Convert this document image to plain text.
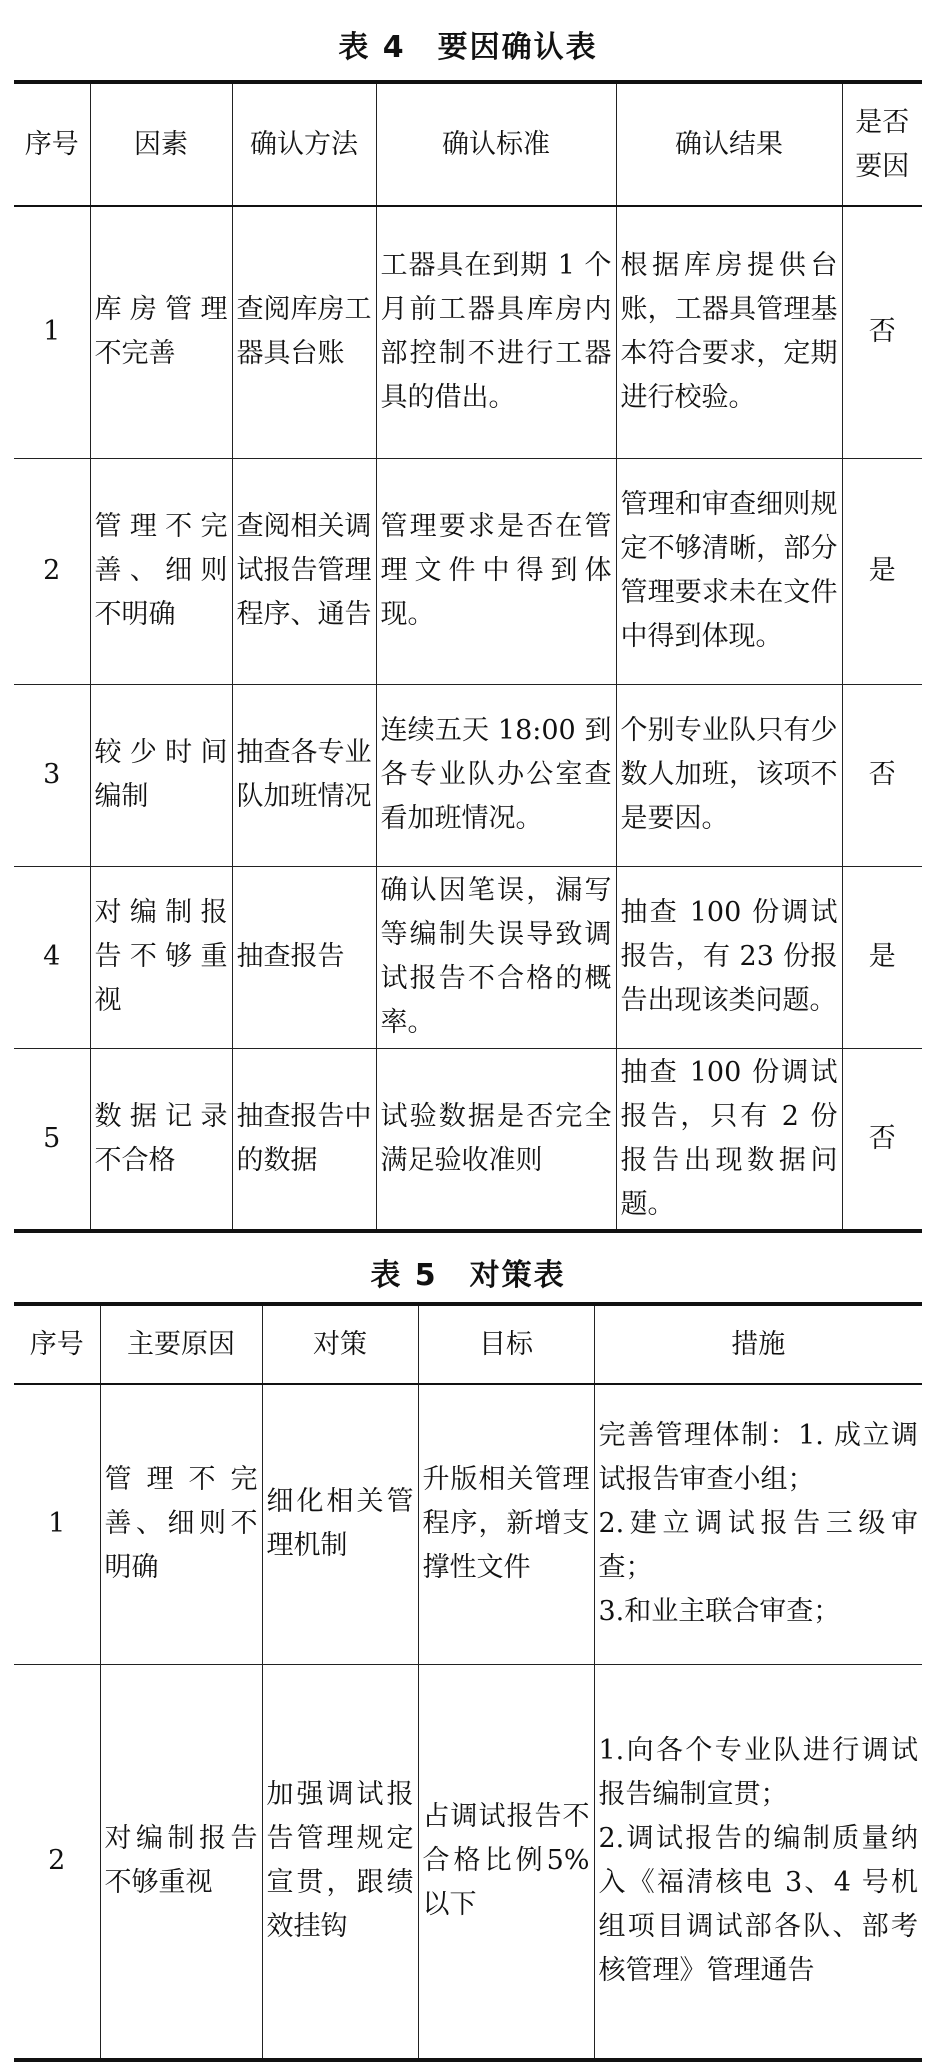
表 4　要因确认表
序号	因素	确认方法	确认标准	确认结果	是否要因
1	库房管理不完善	查阅库房工器具台账	工器具在到期 1 个月前工器具库房内部控制不进行工器具的借出。	根据库房提供台账，工器具管理基本符合要求，定期进行校验。	否
2	管理不完善、细则不明确	查阅相关调试报告管理程序、通告	管理要求是否在管理文件中得到体现。	管理和审查细则规定不够清晰，部分管理要求未在文件中得到体现。	是
3	较少时间编制	抽查各专业队加班情况	连续五天 18:00 到各专业队办公室查看加班情况。	个别专业队只有少数人加班，该项不是要因。	否
4	对编制报告不够重视	抽查报告	确认因笔误，漏写等编制失误导致调试报告不合格的概率。	抽查 100 份调试报告，有 23 份报告出现该类问题。	是
5	数据记录不合格	抽查报告中的数据	试验数据是否完全满足验收准则	抽查 100 份调试报告，只有 2 份报告出现数据问题。	否
表 5　对策表
序号	主要原因	对策	目标	措施
1	管理不完善、细则不明确	细化相关管理机制	升版相关管理程序，新增支撑性文件	完善管理体制：1. 成立调试报告审查小组；
2.建立调试报告三级审查；
3.和业主联合审查；

2	对编制报告不够重视	加强调试报告管理规定宣贯，跟绩效挂钩	占调试报告不合格比例5%以下	1.向各个专业队进行调试报告编制宣贯；
2.调试报告的编制质量纳入《福清核电 3、4 号机组项目调试部各队、部考核管理》管理通告
